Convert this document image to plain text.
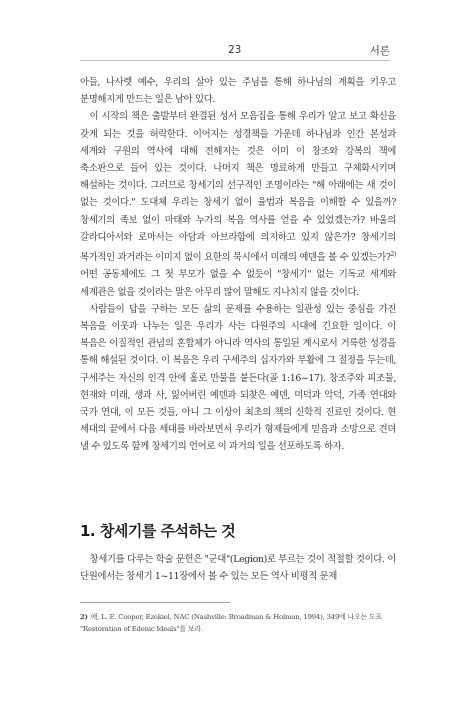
23	서론

아들, 나사렛 예수, 우리의 살아 있는 주님을 통해 하나님의 계획을 키우고 분명해지게 만드는 일은 남아 있다.

이 시작의 책은 출발부터 완결된 성서 모음집을 통해 우리가 알고 보고 확신을 갖게 되는 것을 허락한다. 이어지는 성경책들 가운데 하나님과 인간 본성과 세계와 구원의 역사에 대해 전해지는 것은 이미 이 창조와 강복의 책에 축소판으로 들어 있는 것이다. 나머지 책은 명료하게 만들고 구체화시키며 해설하는 것이다. 그러므로 창세기의 선구적인 조명이라는 "해 아래에는 새 것이 없는 것이다." 도대체 우리는 창세기 없이 율법과 복음을 이해할 수 있을까? 창세기의 족보 없이 마태와 누가의 복음 역사를 얻을 수 있었겠는가? 바울의 갈라디아서와 로마서는 아담과 아브라함에 의지하고 있지 않은가? 창세기의 복가적인 과거라는 이미지 없이 요한의 묵시에서 미래의 예덴을 볼 수 있겠는가?$^{2)}$ 어떤 공동체에도 그 첫 부모가 없을 수 없듯이 "창세기" 없는 기독교 세계와 세계관은 없을 것이라는 말은 아무리 많이 말해도 지나치지 않을 것이다.

사람들이 답을 구하는 모든 삶의 문제를 수용하는 일관성 있는 중심을 가진 복음을 이웃과 나누는 일은 우리가 사는 다원주의 시대에 긴요한 일이다. 이 복음은 이질적인 관념의 혼합체가 아니라 역사의 통일된 계시로서 거룩한 성경을 통해 해설된 것이다. 이 복음은 우리 구세주의 십자가와 부활에 그 절정을 두는데, 구세주는 자신의 인격 안에 홀로 만물을 붙든다(골 1:16~17). 창조주와 피조물, 현재와 미래, 생과 사, 잃어버린 예덴과 되찾은 예덴, 미덕과 악덕, 가족 연대와 국가 연대, 이 모든 것들, 아니 그 이상이 최초의 책의 신학적 진료인 것이다. 현 세대의 끝에서 다음 세대를 바라보면서 우리가 형제들에게 믿음과 소망으로 견뎌 낼 수 있도록 함께 창세기의 언어로 이 과거의 일을 선포하도록 하자.

1. 창세기를 주석하는 것

창세기를 다루는 학술 문헌은 "군대"(Legion)로 부르는 것이 적절할 것이다. 이 단원에서는 창세기 1~11장에서 볼 수 있는 모든 역사 비평적 문제

2) 예, L. E. Cooper, Ezekiel, NAC (Nashville: Broadman & Holman, 1994), 349에 나오는 도표 "Restoration of Edenic Ideals"를 보라.
